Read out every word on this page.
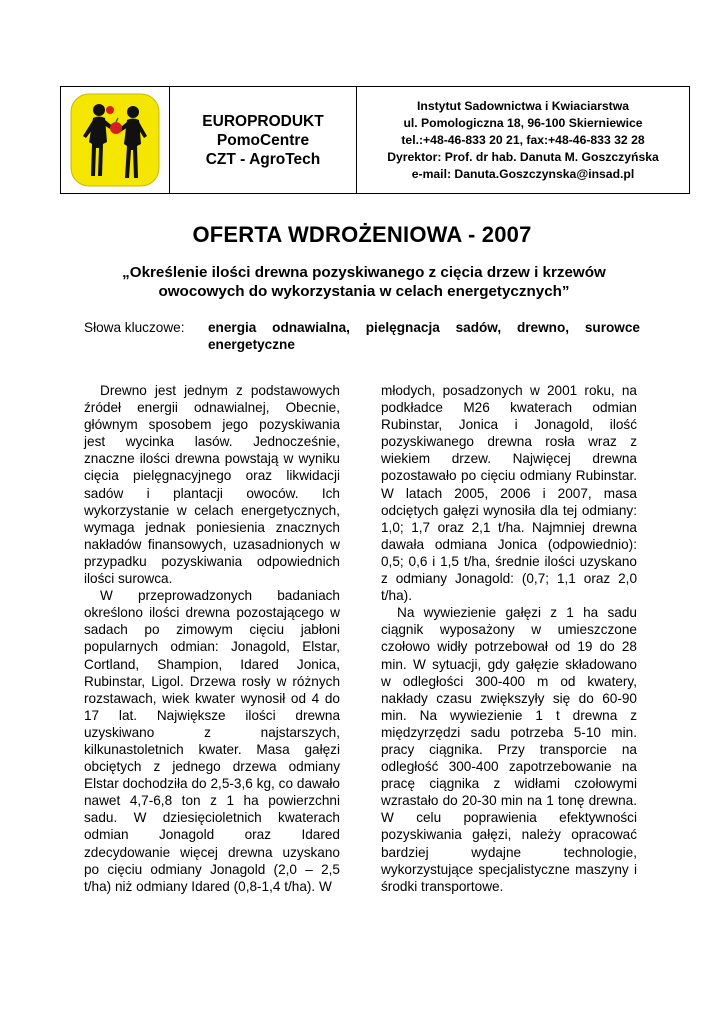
EUROPRODUKT
PomoCentre
CZT - AgroTech
Instytut Sadownictwa i Kwiaciarstwa
ul. Pomologiczna 18, 96-100 Skierniewice
tel.:+48-46-833 20 21, fax:+48-46-833 32 28
Dyrektor: Prof. dr hab. Danuta M. Goszczyńska
e-mail: Danuta.Goszczynska@insad.pl
OFERTA WDROŻENIOWA - 2007
„Określenie ilości drewna pozyskiwanego z cięcia drzew i krzewów owocowych do wykorzystania w celach energetycznych”
Słowa kluczowe:	energia odnawialna, pielęgnacja sadów, drewno, surowce
energetyczne

Drewno jest jednym z podstawowych źródeł energii odnawialnej, Obecnie, głównym sposobem jego pozyskiwania jest wycinka lasów. Jednocześnie, znaczne ilości drewna powstają w wyniku cięcia pielęgnacyjnego oraz likwidacji sadów i plantacji owoców. Ich wykorzystanie w celach energetycznych, wymaga jednak poniesienia znacznych nakładów finansowych, uzasadnionych w przypadku pozyskiwania odpowiednich ilości surowca.

W przeprowadzonych badaniach określono ilości drewna pozostającego w sadach po zimowym cięciu jabłoni popularnych odmian: Jonagold, Elstar, Cortland, Shampion, Idared Jonica, Rubinstar, Ligol. Drzewa rosły w różnych rozstawach, wiek kwater wynosił od 4 do 17 lat. Największe ilości drewna uzyskiwano z najstarszych, kilkunastoletnich kwater. Masa gałęzi obciętych z jednego drzewa odmiany Elstar dochodziła do 2,5-3,6 kg, co dawało nawet 4,7-6,8 ton z 1 ha powierzchni sadu. W dziesięcioletnich kwaterach odmian Jonagold oraz Idared zdecydowanie więcej drewna uzyskano po cięciu odmiany Jonagold (2,0 – 2,5 t/ha) niż odmiany Idared (0,8-1,4 t/ha). W

młodych, posadzonych w 2001 roku, na podkładce M26 kwaterach odmian Rubinstar, Jonica i Jonagold, ilość pozyskiwanego drewna rosła wraz z wiekiem drzew. Najwięcej drewna pozostawało po cięciu odmiany Rubinstar. W latach 2005, 2006 i 2007, masa odciętych gałęzi wynosiła dla tej odmiany: 1,0; 1,7 oraz 2,1 t/ha. Najmniej drewna dawała odmiana Jonica (odpowiednio): 0,5; 0,6 i 1,5 t/ha, średnie ilości uzyskano z odmiany Jonagold: (0,7; 1,1 oraz 2,0 t/ha).

Na wywiezienie gałęzi z 1 ha sadu ciągnik wyposażony w umieszczone czołowo widły potrzebował od 19 do 28 min. W sytuacji, gdy gałęzie składowano w odległości 300-400 m od kwatery, nakłady czasu zwiększyły się do 60-90 min. Na wywiezienie 1 t drewna z międzyrzędzi sadu potrzeba 5-10 min. pracy ciągnika. Przy transporcie na odległość 300-400 zapotrzebowanie na pracę ciągnika z widłami czołowymi wzrastało do 20-30 min na 1 tonę drewna. W celu poprawienia efektywności pozyskiwania gałęzi, należy opracować bardziej wydajne technologie, wykorzystujące specjalistyczne maszyny i środki transportowe.
